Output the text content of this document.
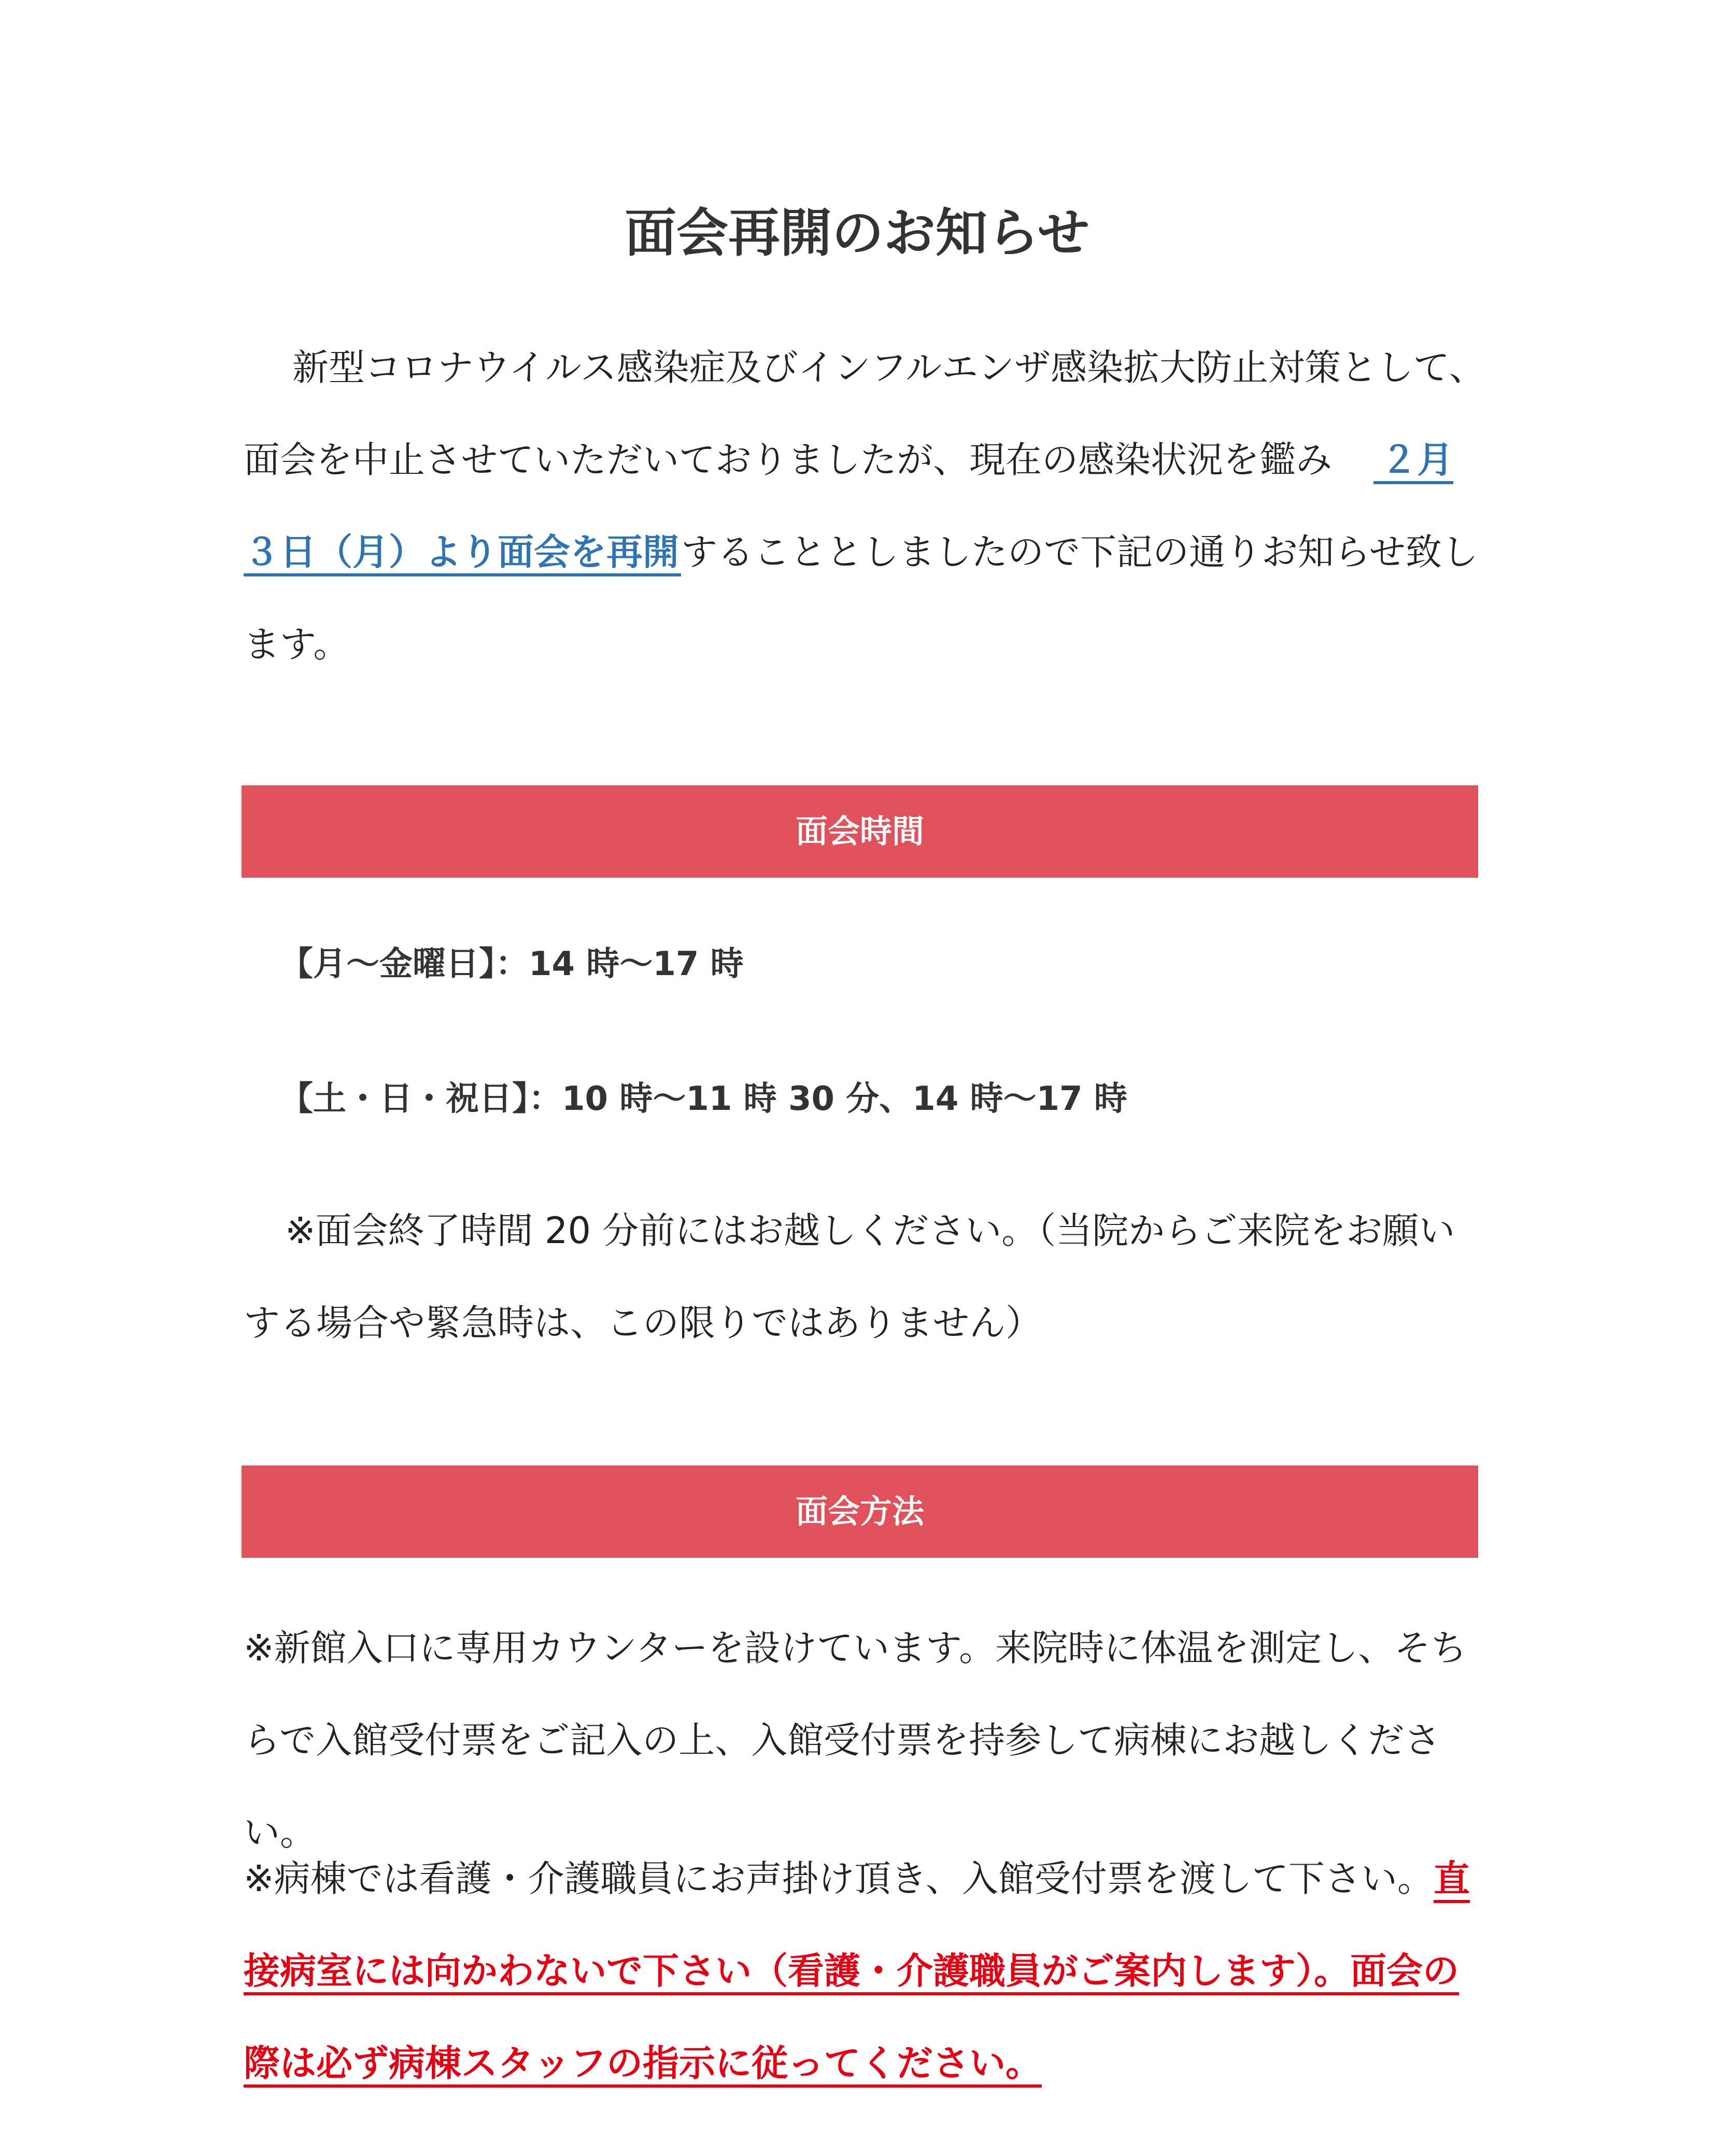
面会再開のお知らせ

新型コロナウイルス感染症及びインフルエンザ感染拡大防止対策として、面会を中止させていただいておりましたが、現在の感染状況を鑑み ２月３日（月）より面会を再開することとしましたので下記の通りお知らせ致します。

面会時間

【月～金曜日】：14 時～17 時

【土・日・祝日】：10 時～11 時 30 分、14 時～17 時

※面会終了時間 20 分前にはお越しください。（当院からご来院をお願いする場合や緊急時は、この限りではありません）

面会方法

※新館入口に専用カウンターを設けています。来院時に体温を測定し、そちらで入館受付票をご記入の上、入館受付票を持参して病棟にお越しください。

※病棟では看護・介護職員にお声掛け頂き、入館受付票を渡して下さい。直接病室には向かわないで下さい（看護・介護職員がご案内します）。面会の際は必ず病棟スタッフの指示に従ってください。
